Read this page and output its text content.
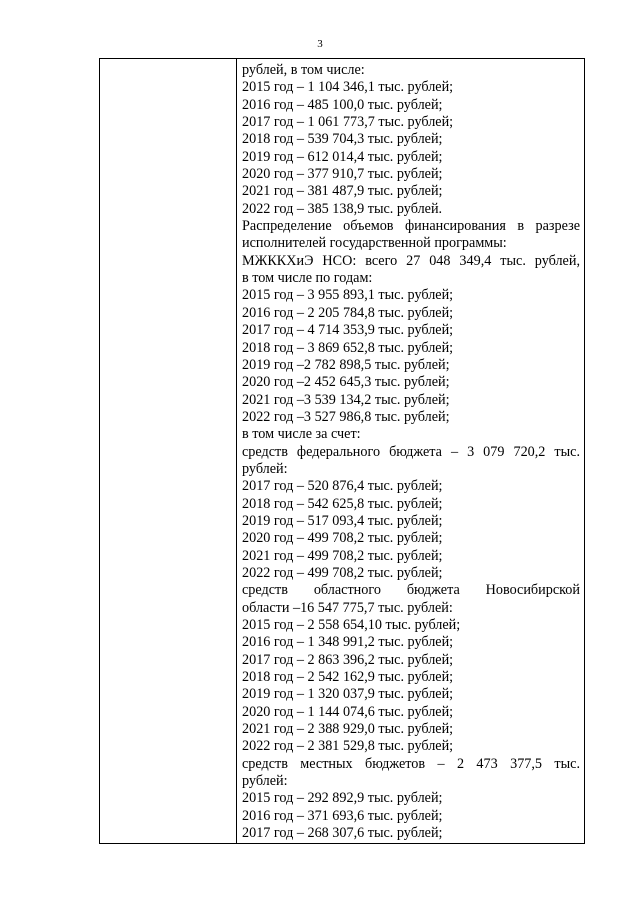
3
рублей, в том числе:
2015 год – 1 104 346,1 тыс. рублей;
2016 год – 485 100,0 тыс. рублей;
2017 год – 1 061 773,7 тыс. рублей;
2018 год – 539 704,3 тыс. рублей;
2019 год – 612 014,4 тыс. рублей;
2020 год – 377 910,7 тыс. рублей;
2021 год – 381 487,9 тыс. рублей;
2022 год – 385 138,9 тыс. рублей.
Распределение объемов финансирования в разрезе
исполнителей государственной программы:
МЖККХиЭ НСО: всего 27 048 349,4 тыс. рублей,
в том числе по годам:
2015 год – 3 955 893,1 тыс. рублей;
2016 год – 2 205 784,8 тыс. рублей;
2017 год – 4 714 353,9 тыс. рублей;
2018 год – 3 869 652,8 тыс. рублей;
2019 год –2 782 898,5 тыс. рублей;
2020 год –2 452 645,3 тыс. рублей;
2021 год –3 539 134,2 тыс. рублей;
2022 год –3 527 986,8 тыс. рублей;
в том числе за счет:
средств федерального бюджета – 3 079 720,2 тыс.
рублей:
2017 год – 520 876,4 тыс. рублей;
2018 год – 542 625,8 тыс. рублей;
2019 год – 517 093,4 тыс. рублей;
2020 год – 499 708,2 тыс. рублей;
2021 год – 499 708,2 тыс. рублей;
2022 год – 499 708,2 тыс. рублей;
средств областного бюджета Новосибирской
области –16 547 775,7 тыс. рублей:
2015 год – 2 558 654,10 тыс. рублей;
2016 год – 1 348 991,2 тыс. рублей;
2017 год – 2 863 396,2 тыс. рублей;
2018 год – 2 542 162,9 тыс. рублей;
2019 год – 1 320 037,9 тыс. рублей;
2020 год – 1 144 074,6 тыс. рублей;
2021 год – 2 388 929,0 тыс. рублей;
2022 год – 2 381 529,8 тыс. рублей;
средств местных бюджетов – 2 473 377,5 тыс.
рублей:
2015 год – 292 892,9 тыс. рублей;
2016 год – 371 693,6 тыс. рублей;
2017 год – 268 307,6 тыс. рублей;
